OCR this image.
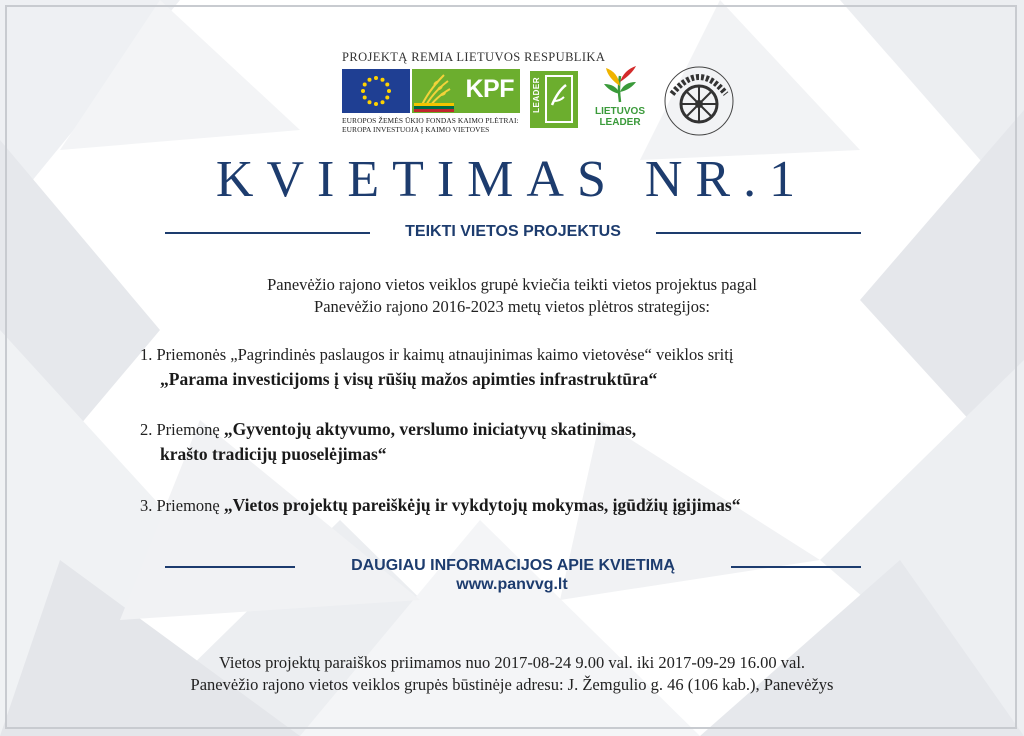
PROJEKTĄ REMIA LIETUVOS RESPUBLIKA
KPF
EUROPOS ŽEMĖS ŪKIO FONDAS KAIMO PLĖTRAI:
EUROPA INVESTUOJA Į KAIMO VIETOVES
LEADER	LIETUVOS
LEADER
KVIETIMAS NR.1
TEIKTI VIETOS PROJEKTUS
Panevėžio rajono vietos veiklos grupė kviečia teikti vietos projektus pagal
Panevėžio rajono 2016-2023 metų vietos plėtros strategijos:
1. Priemonės „Pagrindinės paslaugos ir kaimų atnaujinimas kaimo vietovėse“ veiklos sritį
„Parama investicijoms į visų rūšių mažos apimties infrastruktūra“
2. Priemonę „Gyventojų aktyvumo, verslumo iniciatyvų skatinimas,
krašto tradicijų puoselėjimas“
3. Priemonę „Vietos projektų pareiškėjų ir vykdytojų mokymas, įgūdžių įgijimas“
DAUGIAU INFORMACIJOS APIE KVIETIMĄ
www.panvvg.lt
Vietos projektų paraiškos priimamos nuo 2017-08-24 9.00 val. iki 2017-09-29 16.00 val.
Panevėžio rajono vietos veiklos grupės būstinėje adresu: J. Žemgulio g. 46 (106 kab.), Panevėžys
